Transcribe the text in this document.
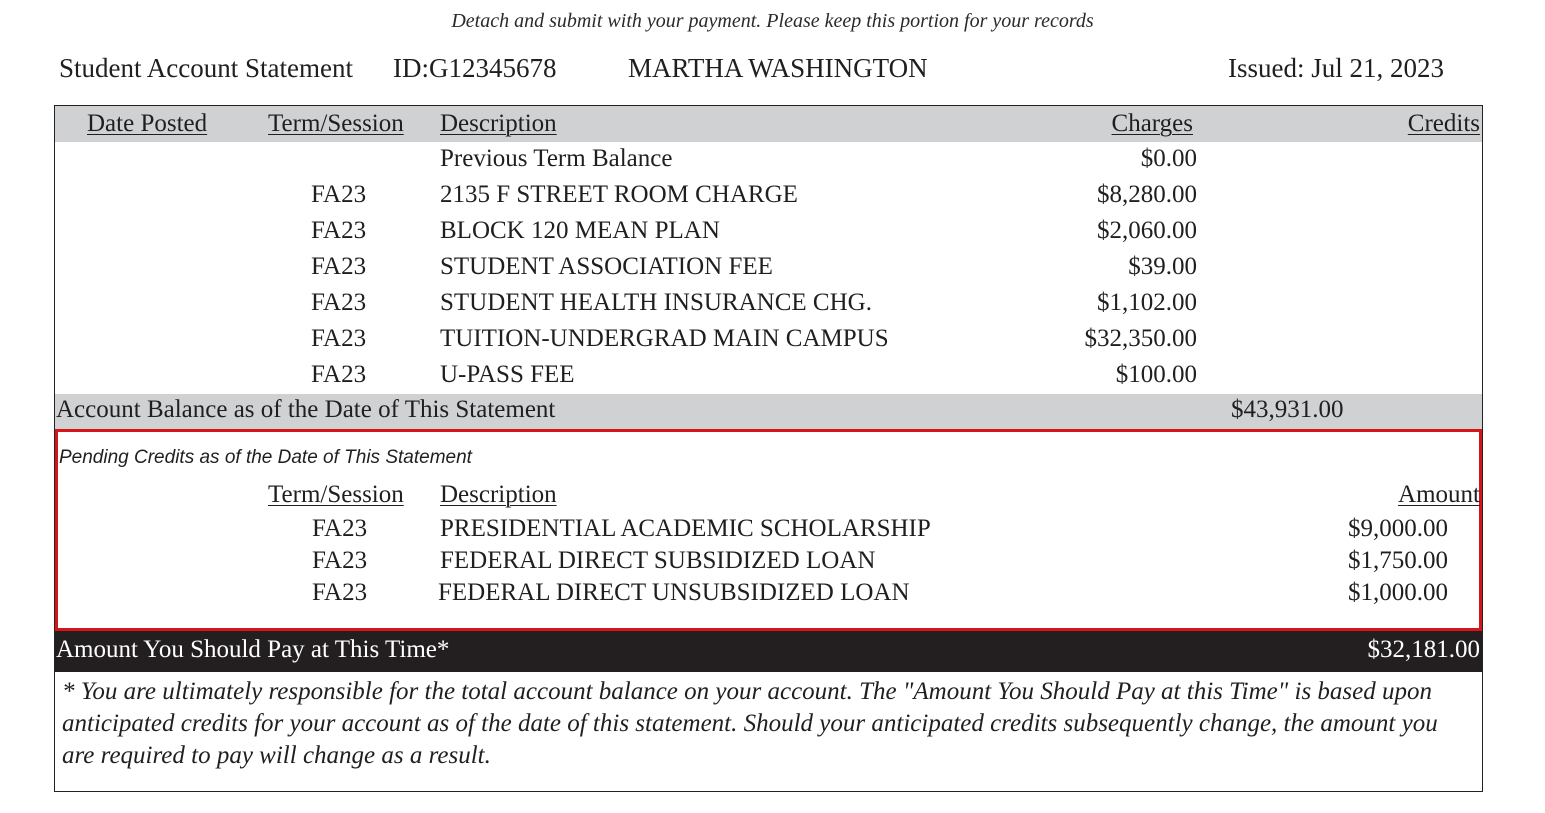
Detach and submit with your payment. Please keep this portion for your records
Student Account Statement ID:G12345678	MARTHA WASHINGTON	Issued: Jul 21, 2023
Date Posted Term/Session Description	Charges	Credits
Previous Term Balance	$0.00
FA23	2135 F STREET ROOM CHARGE	$8,280.00
FA23	BLOCK 120 MEAN PLAN	$2,060.00
FA23	STUDENT ASSOCIATION FEE	$39.00
FA23	STUDENT HEALTH INSURANCE CHG.	$1,102.00
FA23	TUITION-UNDERGRAD MAIN CAMPUS	$32,350.00
FA23	U-PASS FEE	$100.00
Account Balance as of the Date of This Statement	$43,931.00
Pending Credits as of the Date of This Statement
Term/Session Description	Amount
FA23	PRESIDENTIAL ACADEMIC SCHOLARSHIP	$9,000.00
FA23	FEDERAL DIRECT SUBSIDIZED LOAN	$1,750.00
FA23	FEDERAL DIRECT UNSUBSIDIZED LOAN	$1,000.00
Amount You Should Pay at This Time*	$32,181.00
* You are ultimately responsible for the total account balance on your account. The "Amount You Should Pay at this Time" is based upon anticipated credits for your account as of the date of this statement. Should your anticipated credits subsequently change, the amount you are required to pay will change as a result.
